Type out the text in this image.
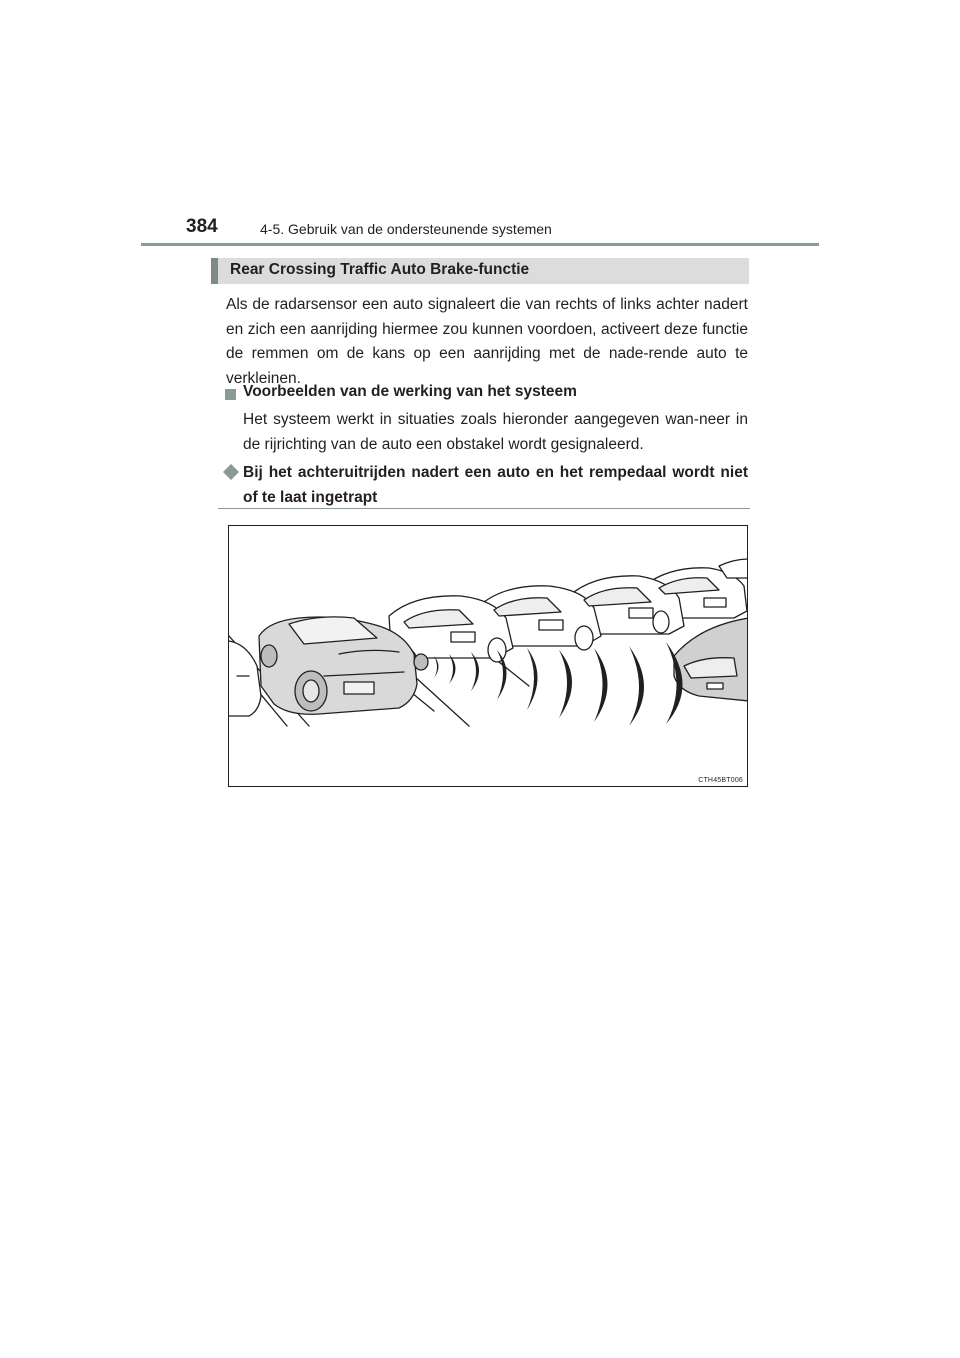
384	4-5. Gebruik van de ondersteunende systemen
Rear Crossing Traffic Auto Brake-functie

Als de radarsensor een auto signaleert die van rechts of links achter nadert en zich een aanrijding hiermee zou kunnen voordoen, activeert deze functie de remmen om de kans op een aanrijding met de nade-rende auto te verkleinen.

Voorbeelden van de werking van het systeem

Het systeem werkt in situaties zoals hieronder aangegeven wan-neer in de rijrichting van de auto een obstakel wordt gesignaleerd.

Bij het achteruitrijden nadert een auto en het rempedaal wordt niet of te laat ingetrapt

CTH45BT006
